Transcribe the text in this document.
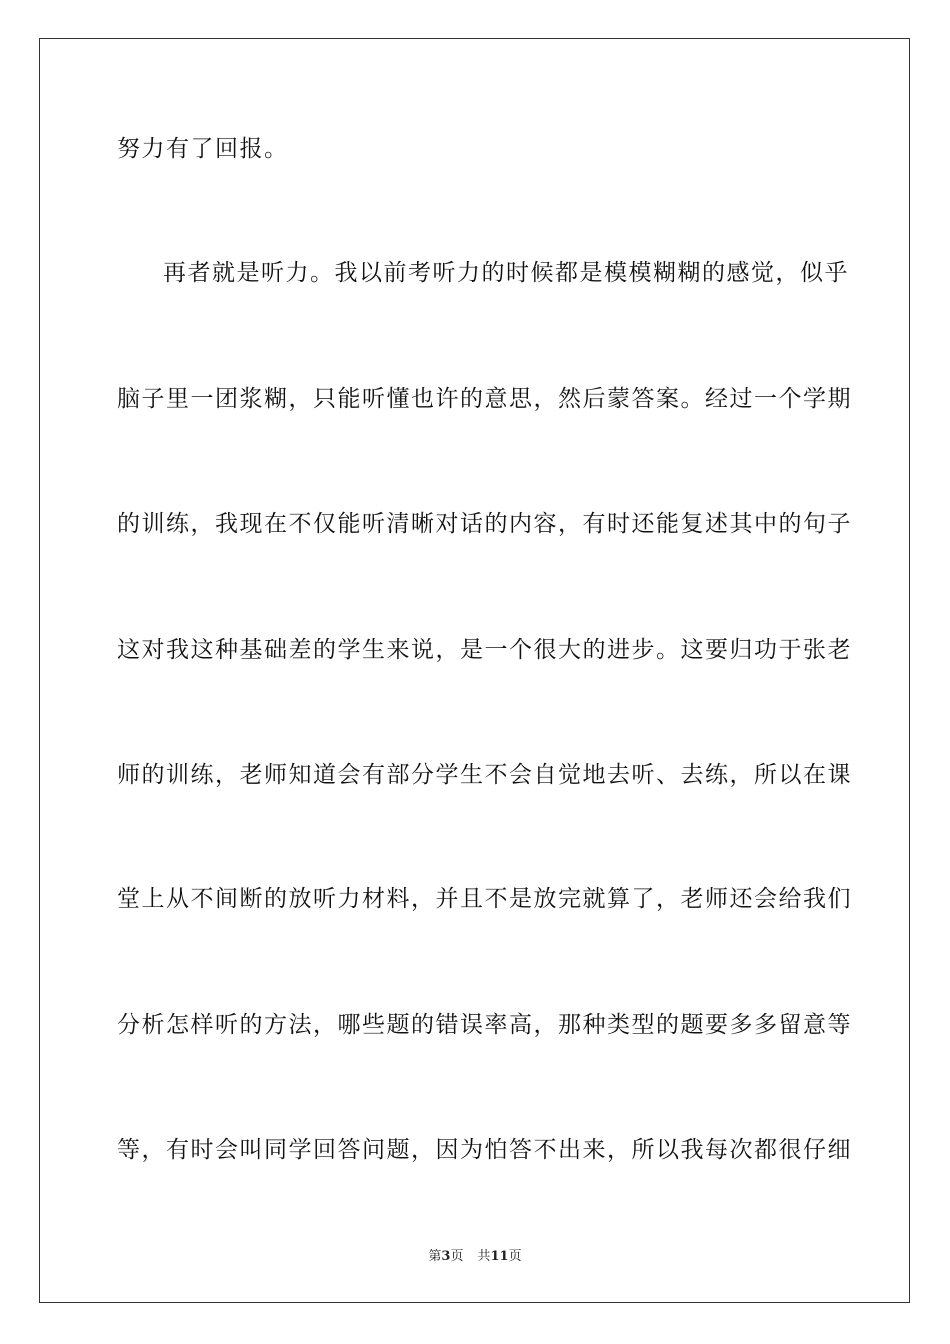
努力有了回报。
再者就是听力。我以前考听力的时候都是模模糊糊的感觉，似乎
脑子里一团浆糊，只能听懂也许的意思，然后蒙答案。经过一个学期
的训练，我现在不仅能听清晰对话的内容，有时还能复述其中的句子
这对我这种基础差的学生来说，是一个很大的进步。这要归功于张老
师的训练，老师知道会有部分学生不会自觉地去听、去练，所以在课
堂上从不间断的放听力材料，并且不是放完就算了，老师还会给我们
分析怎样听的方法，哪些题的错误率高，那种类型的题要多多留意等
等，有时会叫同学回答问题，因为怕答不出来，所以我每次都很仔细
第3页 共11页
